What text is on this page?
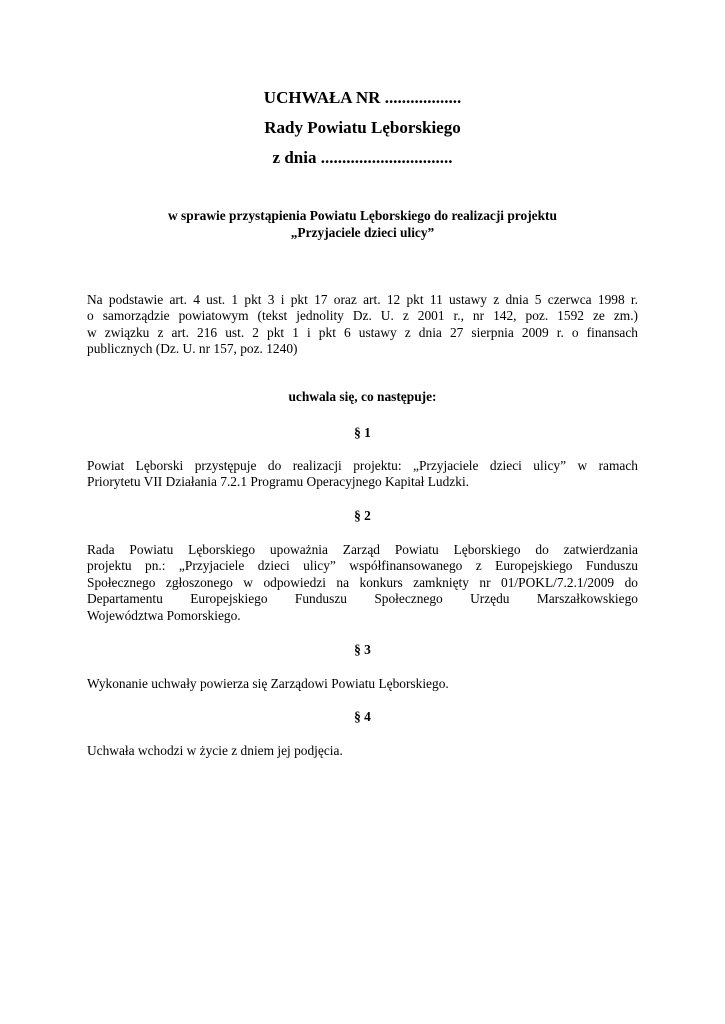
UCHWAŁA NR ..................
Rady Powiatu Lęborskiego
z dnia ...............................
w sprawie przystąpienia Powiatu Lęborskiego do realizacji projektu
„Przyjaciele dzieci ulicy”
Na podstawie art. 4 ust. 1 pkt 3 i pkt 17 oraz art. 12 pkt 11 ustawy z dnia 5 czerwca 1998 r.
o samorządzie powiatowym (tekst jednolity Dz. U. z 2001 r., nr 142, poz. 1592 ze zm.)
w związku z art. 216 ust. 2 pkt 1 i pkt 6 ustawy z dnia 27 sierpnia 2009 r. o finansach
publicznych (Dz. U. nr 157, poz. 1240)
uchwala się, co następuje:
§ 1
Powiat Lęborski przystępuje do realizacji projektu: „Przyjaciele dzieci ulicy” w ramach
Priorytetu VII Działania 7.2.1 Programu Operacyjnego Kapitał Ludzki.
§ 2
Rada Powiatu Lęborskiego upoważnia Zarząd Powiatu Lęborskiego do zatwierdzania
projektu pn.: „Przyjaciele dzieci ulicy” współfinansowanego z Europejskiego Funduszu
Społecznego zgłoszonego w odpowiedzi na konkurs zamknięty nr 01/POKL/7.2.1/2009 do
Departamentu Europejskiego Funduszu Społecznego Urzędu Marszałkowskiego
Województwa Pomorskiego.
§ 3
Wykonanie uchwały powierza się Zarządowi Powiatu Lęborskiego.
§ 4
Uchwała wchodzi w życie z dniem jej podjęcia.
